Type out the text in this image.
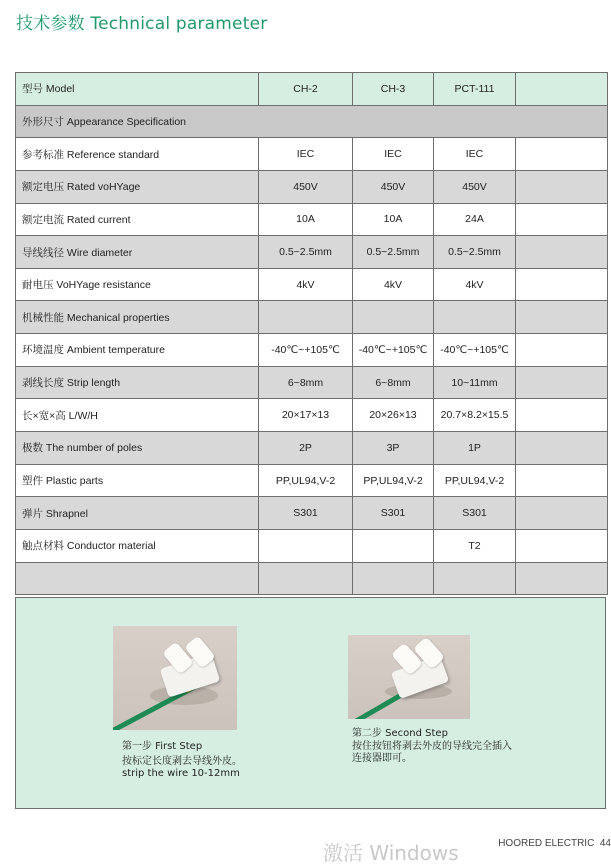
技术参数 Technical parameter
型号 Model	CH-2	CH-3	PCT-111	
外形尺寸 Appearance Specification				
参考标准 Reference standard	IEC	IEC	IEC	
额定电压 Rated voHYage	450V	450V	450V	
额定电流 Rated current	10A	10A	24A	
导线线径 Wire diameter	0.5~2.5mm	0.5~2.5mm	0.5~2.5mm	
耐电压 VoHYage resistance	4kV	4kV	4kV	
机械性能 Mechanical properties				
环境温度 Ambient temperature	-40℃~+105℃	-40℃~+105℃	-40℃~+105℃	
剥线长度 Strip length	6~8mm	6~8mm	10~11mm	
长×宽×高 L/W/H	20×17×13	20×26×13	20.7×8.2×15.5	
极数 The number of poles	2P	3P	1P	
塑件 Plastic parts	PP,UL94,V-2	PP,UL94,V-2	PP,UL94,V-2	
弹片 Shrapnel	S301	S301	S301	
触点材料 Conductor material			T2	

第一步 First Step
按标定长度剥去导线外皮。
strip the wire 10-12mm
第二步 Second Step
按住按钮将剥去外皮的导线完全插入
连接器即可。
激活 Windows	HOORED ELECTRIC 44
